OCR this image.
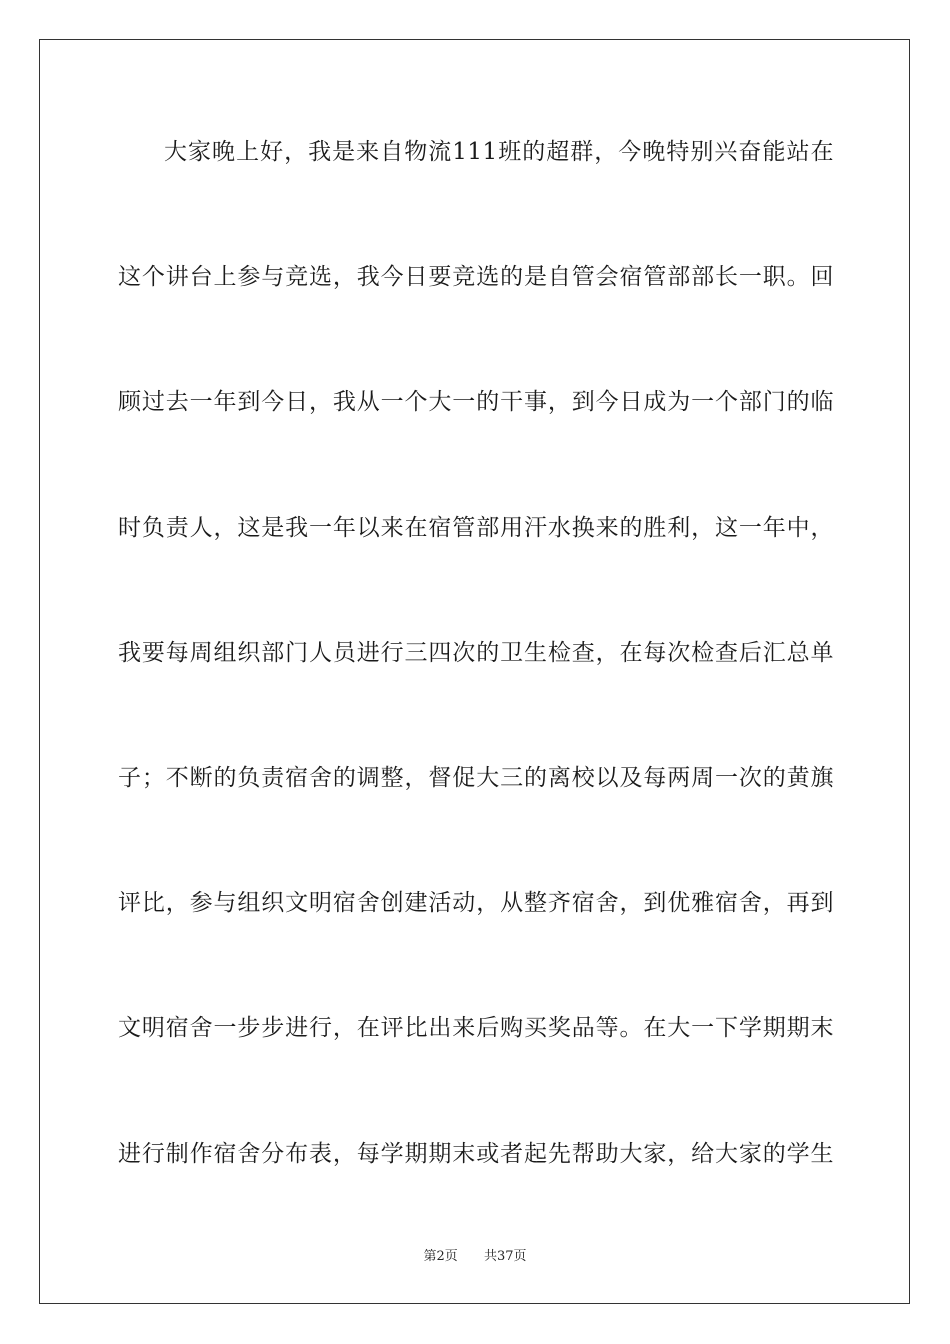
大家晚上好，我是来自物流111班的超群，今晚特别兴奋能站在
这个讲台上参与竞选，我今日要竞选的是自管会宿管部部长一职。回
顾过去一年到今日，我从一个大一的干事，到今日成为一个部门的临
时负责人，这是我一年以来在宿管部用汗水换来的胜利，这一年中，
我要每周组织部门人员进行三四次的卫生检查，在每次检查后汇总单
子；不断的负责宿舍的调整，督促大三的离校以及每两周一次的黄旗
评比，参与组织文明宿舍创建活动，从整齐宿舍，到优雅宿舍，再到
文明宿舍一步步进行，在评比出来后购买奖品等。在大一下学期期末
进行制作宿舍分布表，每学期期末或者起先帮助大家，给大家的学生
第2页 共37页
